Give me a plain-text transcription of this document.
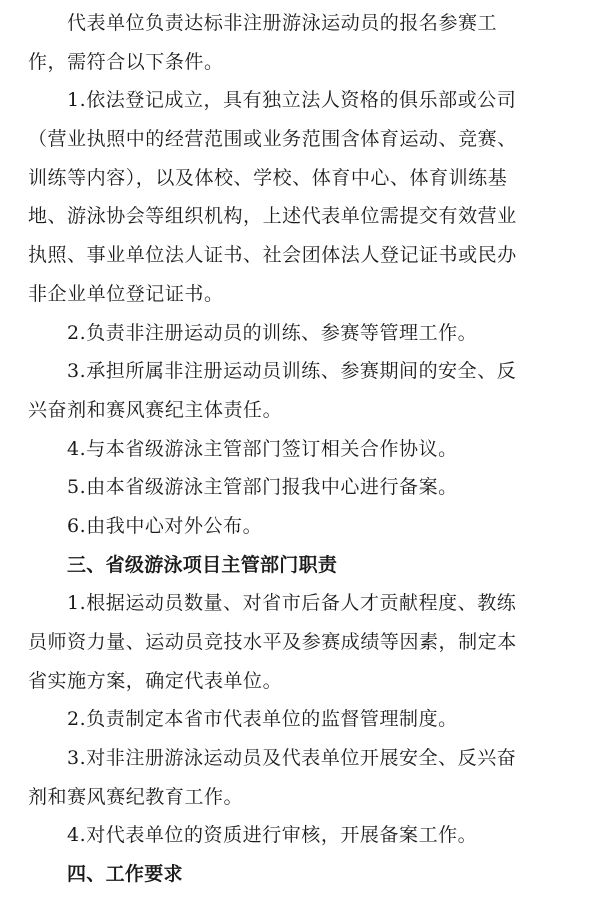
代表单位负责达标非注册游泳运动员的报名参赛工
作，需符合以下条件。
1.依法登记成立，具有独立法人资格的俱乐部或公司
（营业执照中的经营范围或业务范围含体育运动、竞赛、
训练等内容），以及体校、学校、体育中心、体育训练基
地、游泳协会等组织机构，上述代表单位需提交有效营业
执照、事业单位法人证书、社会团体法人登记证书或民办
非企业单位登记证书。
2.负责非注册运动员的训练、参赛等管理工作。
3.承担所属非注册运动员训练、参赛期间的安全、反
兴奋剂和赛风赛纪主体责任。
4.与本省级游泳主管部门签订相关合作协议。
5.由本省级游泳主管部门报我中心进行备案。
6.由我中心对外公布。
三、省级游泳项目主管部门职责
1.根据运动员数量、对省市后备人才贡献程度、教练
员师资力量、运动员竞技水平及参赛成绩等因素，制定本
省实施方案，确定代表单位。
2.负责制定本省市代表单位的监督管理制度。
3.对非注册游泳运动员及代表单位开展安全、反兴奋
剂和赛风赛纪教育工作。
4.对代表单位的资质进行审核，开展备案工作。
四、工作要求
